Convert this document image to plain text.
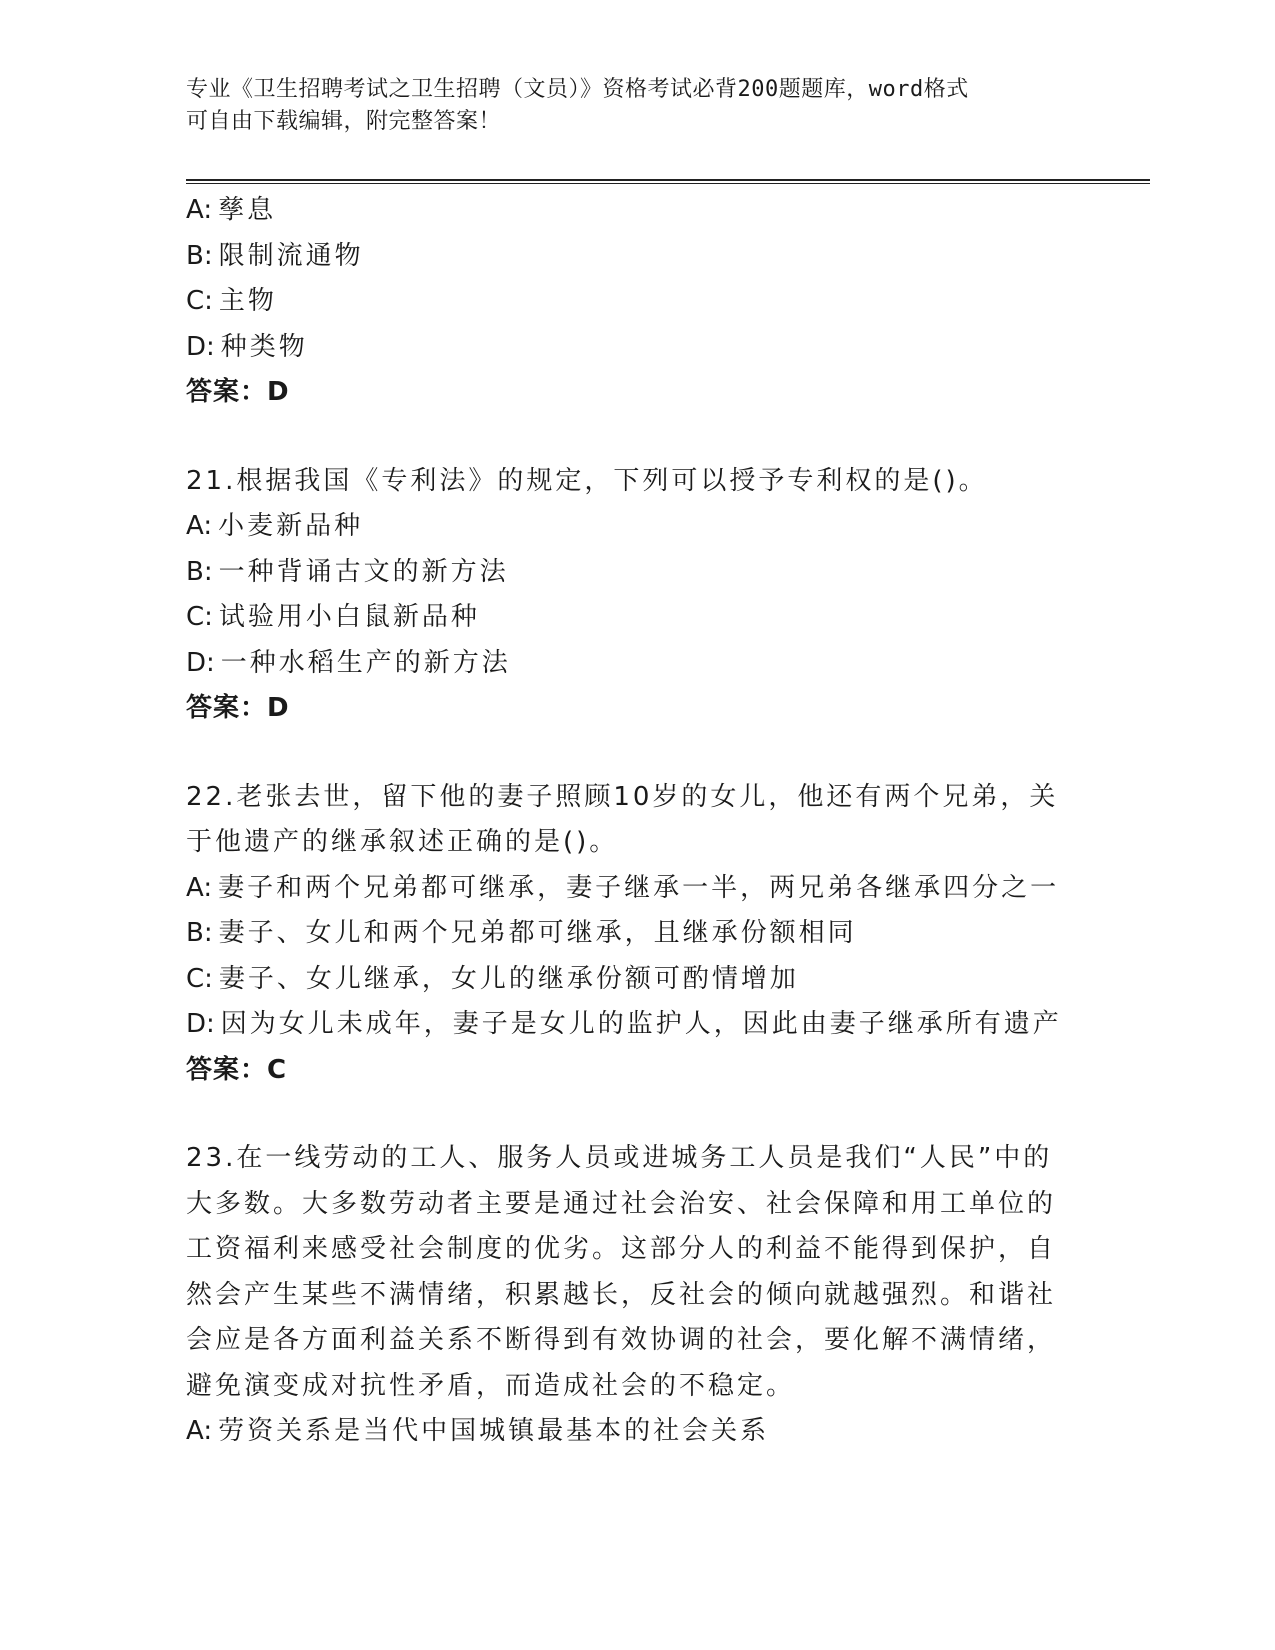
专业《卫生招聘考试之卫生招聘（文员）》资格考试必背200题题库，word格式
可自由下载编辑，附完整答案！
A: 孳息
B: 限制流通物
C: 主物
D: 种类物
答案：D
21.根据我国《专利法》的规定，下列可以授予专利权的是()。
A: 小麦新品种
B: 一种背诵古文的新方法
C: 试验用小白鼠新品种
D: 一种水稻生产的新方法
答案：D
22.老张去世，留下他的妻子照顾10岁的女儿，他还有两个兄弟，关
于他遗产的继承叙述正确的是()。
A: 妻子和两个兄弟都可继承，妻子继承一半，两兄弟各继承四分之一
B: 妻子、女儿和两个兄弟都可继承，且继承份额相同
C: 妻子、女儿继承，女儿的继承份额可酌情增加
D: 因为女儿未成年，妻子是女儿的监护人，因此由妻子继承所有遗产
答案：C
23.在一线劳动的工人、服务人员或进城务工人员是我们“人民”中的
大多数。大多数劳动者主要是通过社会治安、社会保障和用工单位的
工资福利来感受社会制度的优劣。这部分人的利益不能得到保护，自
然会产生某些不满情绪，积累越长，反社会的倾向就越强烈。和谐社
会应是各方面利益关系不断得到有效协调的社会，要化解不满情绪，
避免演变成对抗性矛盾，而造成社会的不稳定。
A: 劳资关系是当代中国城镇最基本的社会关系
